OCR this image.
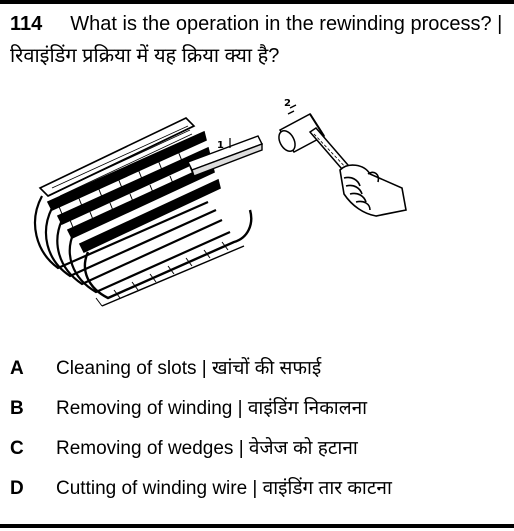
114 What is the operation in the rewinding process? | रिवाइंडिंग प्रक्रिया में यह क्रिया क्या है?
1
2
A Cleaning of slots | खांचों की सफाई
B Removing of winding | वाइंडिंग निकालना
C Removing of wedges | वेजेज को हटाना
D Cutting of winding wire | वाइंडिंग तार काटना
